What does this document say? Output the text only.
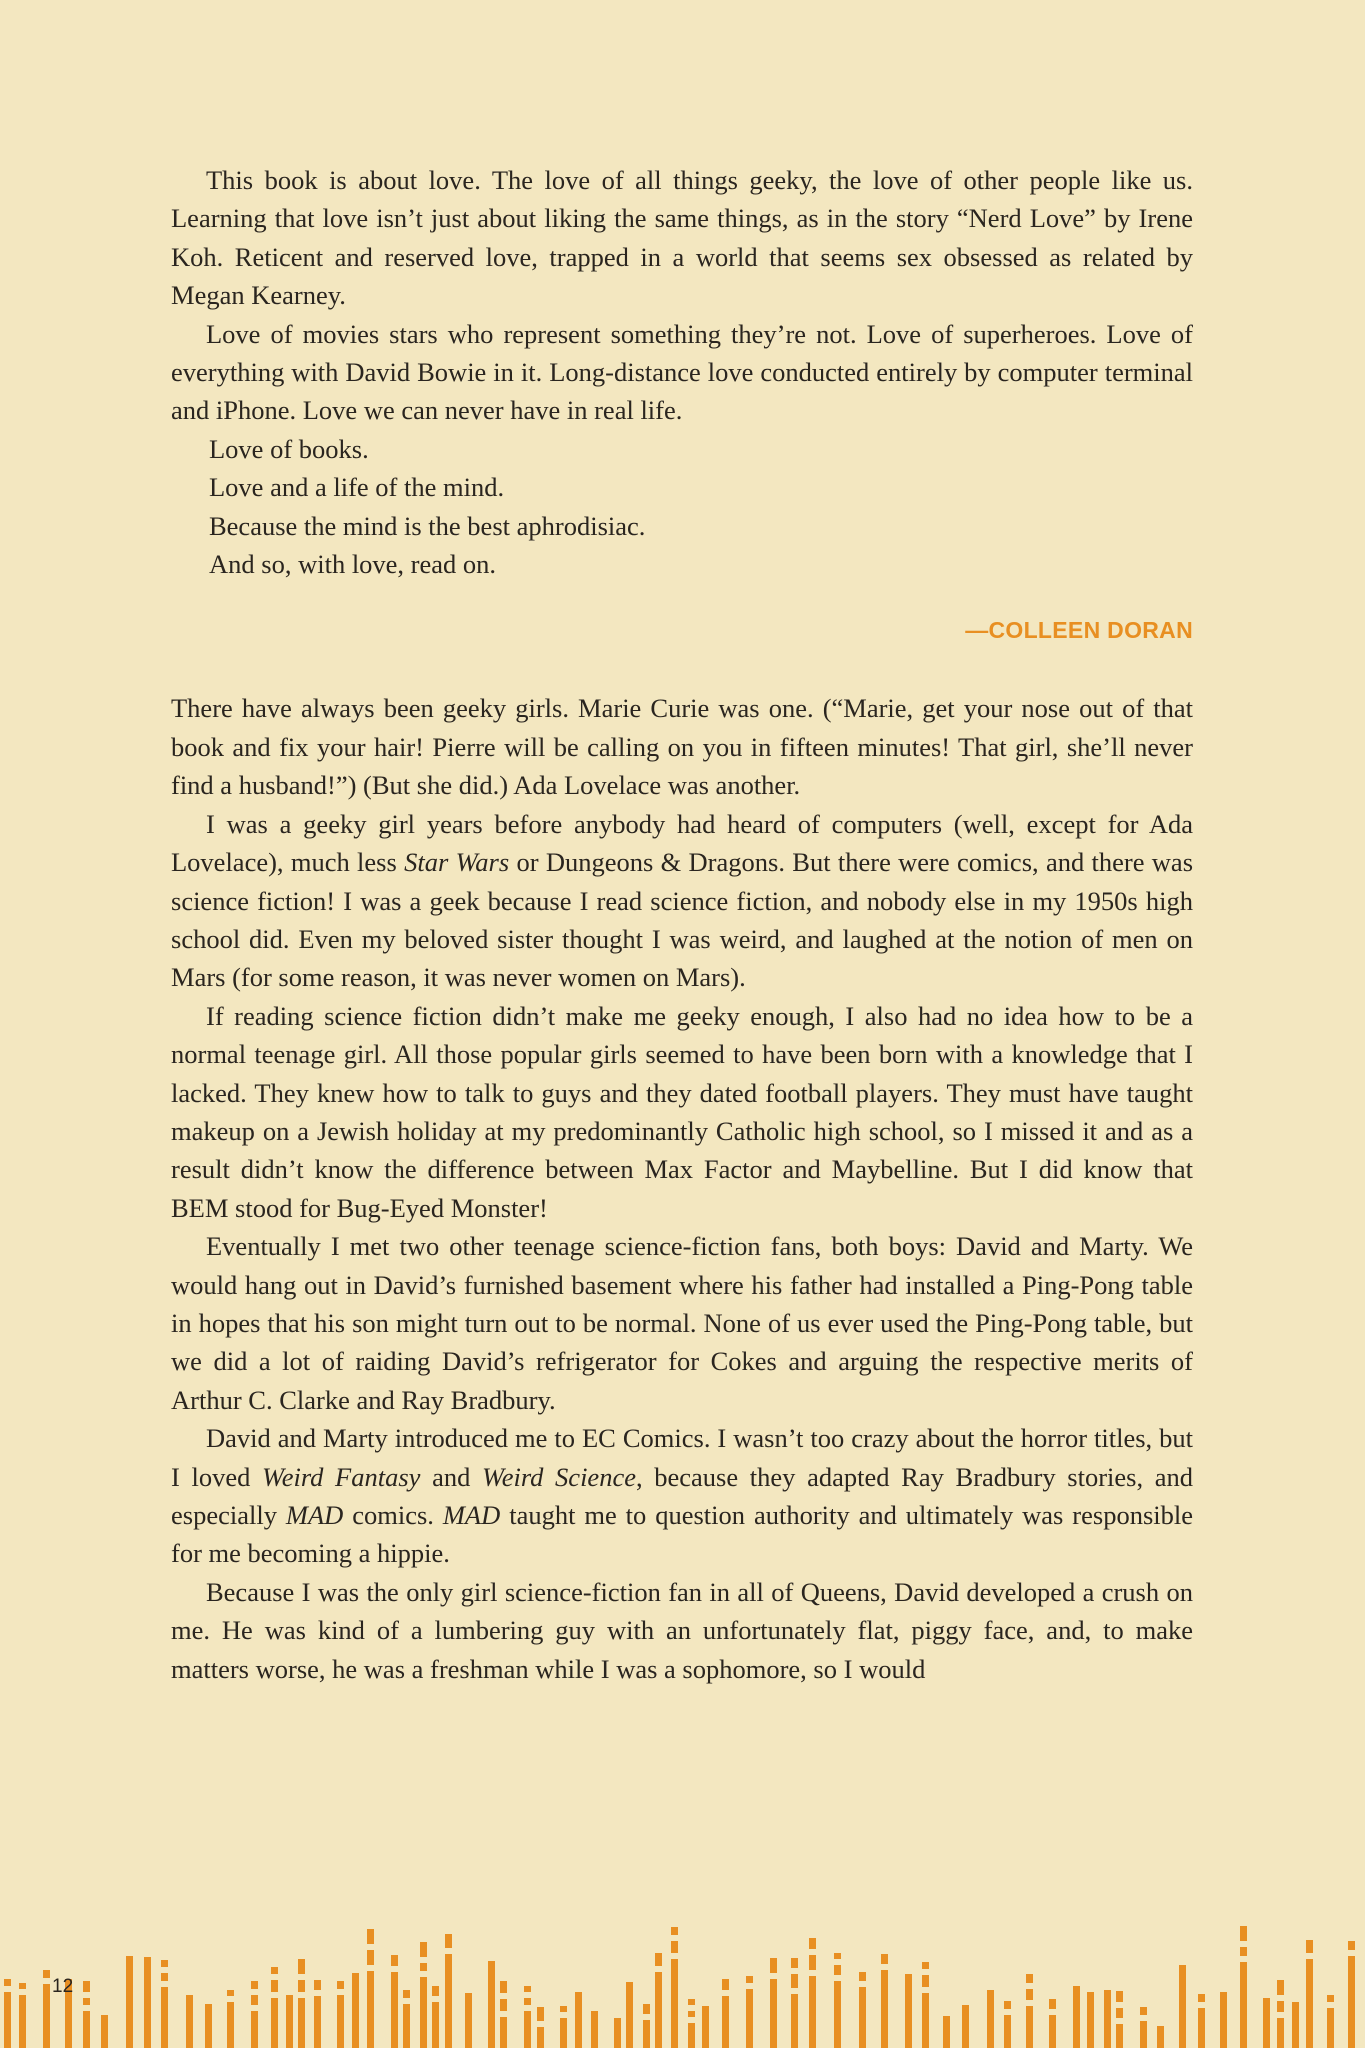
This book is about love. The love of all things geeky, the love of other people like us. Learning that love isn’t just about liking the same things, as in the story “Nerd Love” by Irene Koh. Reticent and reserved love, trapped in a world that seems sex obsessed as related by Megan Kearney.

Love of movies stars who represent something they’re not. Love of superheroes. Love of everything with David Bowie in it. Long-distance love conducted entirely by computer terminal and iPhone. Love we can never have in real life.

Love of books.

Love and a life of the mind.

Because the mind is the best aphrodisiac.

And so, with love, read on.

—COLLEEN DORAN

There have always been geeky girls. Marie Curie was one. (“Marie, get your nose out of that book and fix your hair! Pierre will be calling on you in fifteen minutes! That girl, she’ll never find a husband!”) (But she did.) Ada Lovelace was another.

I was a geeky girl years before anybody had heard of computers (well, except for Ada Lovelace), much less Star Wars or Dungeons & Dragons. But there were comics, and there was science fiction! I was a geek because I read science fiction, and nobody else in my 1950s high school did. Even my beloved sister thought I was weird, and laughed at the notion of men on Mars (for some reason, it was never women on Mars).

If reading science fiction didn’t make me geeky enough, I also had no idea how to be a normal teenage girl. All those popular girls seemed to have been born with a knowledge that I lacked. They knew how to talk to guys and they dated football players. They must have taught makeup on a Jewish holiday at my predominantly Catholic high school, so I missed it and as a result didn’t know the difference between Max Factor and Maybelline. But I did know that BEM stood for Bug-Eyed Monster!

Eventually I met two other teenage science-fiction fans, both boys: David and Marty. We would hang out in David’s furnished basement where his father had installed a Ping-Pong table in hopes that his son might turn out to be normal. None of us ever used the Ping-Pong table, but we did a lot of raiding David’s refrigerator for Cokes and arguing the respective merits of Arthur C. Clarke and Ray Bradbury.

David and Marty introduced me to EC Comics. I wasn’t too crazy about the horror titles, but I loved Weird Fantasy and Weird Science, because they adapted Ray Bradbury stories, and especially MAD comics. MAD taught me to question authority and ultimately was responsible for me becoming a hippie.

Because I was the only girl science-fiction fan in all of Queens, David developed a crush on me. He was kind of a lumbering guy with an unfortunately flat, piggy face, and, to make matters worse, he was a freshman while I was a sophomore, so I would

12
